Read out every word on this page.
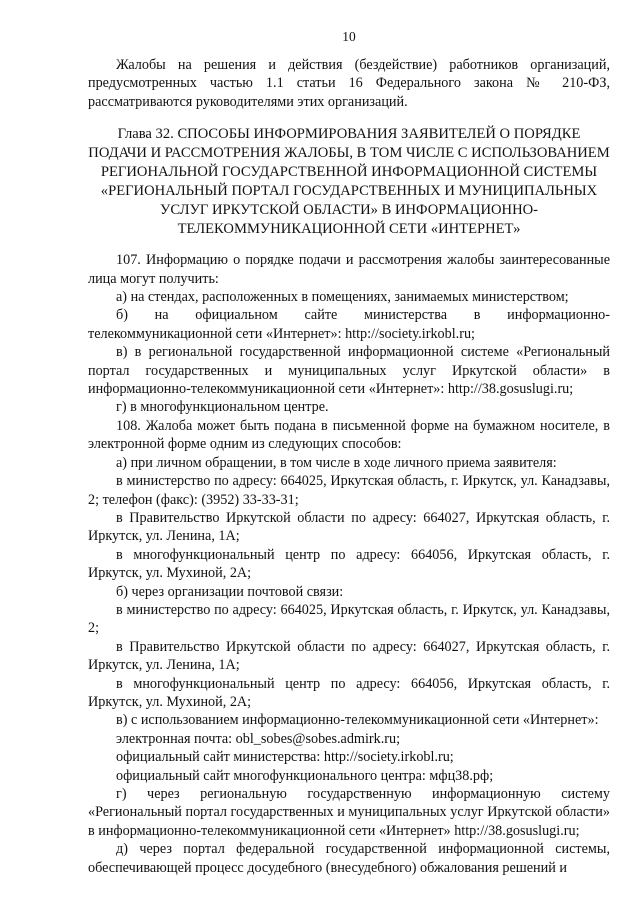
10

Жалобы на решения и действия (бездействие) работников организаций, предусмотренных частью 1.1 статьи 16 Федерального закона № 210-ФЗ, рассматриваются руководителями этих организаций.

Глава 32. СПОСОБЫ ИНФОРМИРОВАНИЯ ЗАЯВИТЕЛЕЙ О ПОРЯДКЕ ПОДАЧИ И РАССМОТРЕНИЯ ЖАЛОБЫ, В ТОМ ЧИСЛЕ С ИСПОЛЬЗОВАНИЕМ РЕГИОНАЛЬНОЙ ГОСУДАРСТВЕННОЙ ИНФОРМАЦИОННОЙ СИСТЕМЫ «РЕГИОНАЛЬНЫЙ ПОРТАЛ ГОСУДАРСТВЕННЫХ И МУНИЦИПАЛЬНЫХ УСЛУГ ИРКУТСКОЙ ОБЛАСТИ» В ИНФОРМАЦИОННО-ТЕЛЕКОММУНИКАЦИОННОЙ СЕТИ «ИНТЕРНЕТ»

107. Информацию о порядке подачи и рассмотрения жалобы заинтересованные лица могут получить:

а) на стендах, расположенных в помещениях, занимаемых министерством;

б) на официальном сайте министерства в информационно-телекоммуникационной сети «Интернет»: http://society.irkobl.ru;

в) в региональной государственной информационной системе «Региональный портал государственных и муниципальных услуг Иркутской области» в информационно-телекоммуникационной сети «Интернет»: http://38.gosuslugi.ru;

г) в многофункциональном центре.

108. Жалоба может быть подана в письменной форме на бумажном носителе, в электронной форме одним из следующих способов:

а) при личном обращении, в том числе в ходе личного приема заявителя:

в министерство по адресу: 664025, Иркутская область, г. Иркутск, ул. Канадзавы, 2; телефон (факс): (3952) 33-33-31;

в Правительство Иркутской области по адресу: 664027, Иркутская область, г. Иркутск, ул. Ленина, 1А;

в многофункциональный центр по адресу: 664056, Иркутская область, г. Иркутск, ул. Мухиной, 2А;

б) через организации почтовой связи:

в министерство по адресу: 664025, Иркутская область, г. Иркутск, ул. Канадзавы, 2;

в Правительство Иркутской области по адресу: 664027, Иркутская область, г. Иркутск, ул. Ленина, 1А;

в многофункциональный центр по адресу: 664056, Иркутская область, г. Иркутск, ул. Мухиной, 2А;

в) с использованием информационно-телекоммуникационной сети «Интернет»:

электронная почта: obl_sobes@sobes.admirk.ru;

официальный сайт министерства: http://society.irkobl.ru;

официальный сайт многофункционального центра: мфц38.рф;

г) через региональную государственную информационную систему «Региональный портал государственных и муниципальных услуг Иркутской области» в информационно-телекоммуникационной сети «Интернет» http://38.gosuslugi.ru;

д) через портал федеральной государственной информационной системы, обеспечивающей процесс досудебного (внесудебного) обжалования решений и
